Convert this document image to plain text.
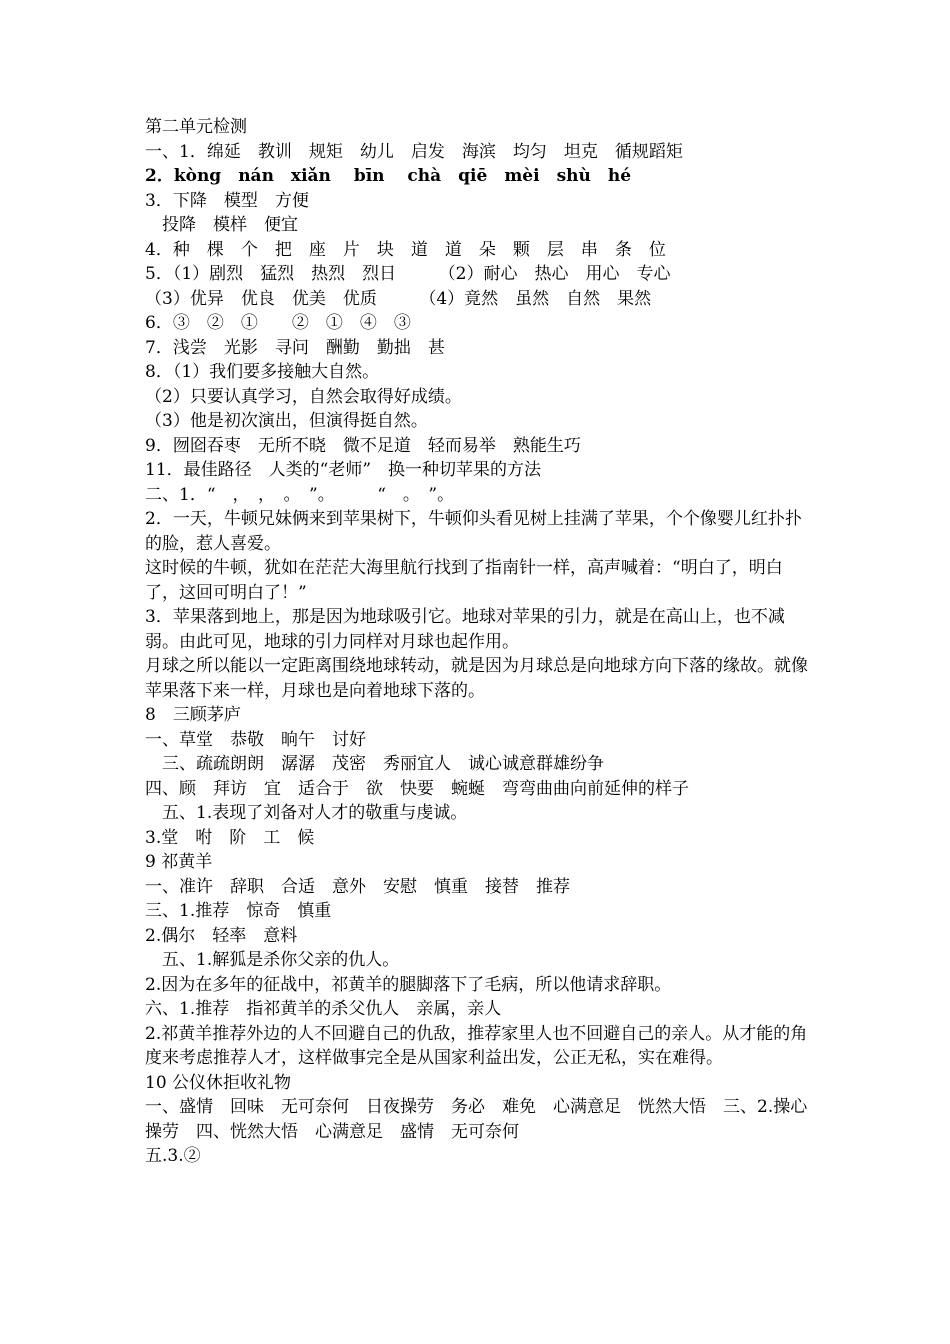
第二单元检测

一、1．绵延　教训　规矩　幼儿　启发　海滨　均匀　坦克　循规蹈矩

2．kòng　nán　xiǎn　 bīn　 chà　qiē　mèi　shù　hé

3．下降　模型　方便

　投降　模样　便宜

4．种　棵　个　把　座　片　块　道　道　朵　颗　层　串　条　位

5．（1）剧烈　猛烈　热烈　烈日　　　（2）耐心　热心　用心　专心

（3）优异　优良　优美　优质　　　（4）竟然　虽然　自然　果然

6．③　②　①　　②　①　④　③

7．浅尝　光影　寻问　酬勤　勤拙　甚

8．（1）我们要多接触大自然。

（2）只要认真学习，自然会取得好成绩。

（3）他是初次演出，但演得挺自然。

9．囫囵吞枣　无所不晓　微不足道　轻而易举　熟能生巧

11．最佳路径　人类的“老师”　换一种切苹果的方法

二、1．“　，　，　。　”。　　　“　。　”。

2．一天，牛顿兄妹俩来到苹果树下，牛顿仰头看见树上挂满了苹果，个个像婴儿红扑扑的脸，惹人喜爱。

这时候的牛顿，犹如在茫茫大海里航行找到了指南针一样，高声喊着：“明白了，明白了，这回可明白了！”

3．苹果落到地上，那是因为地球吸引它。地球对苹果的引力，就是在高山上，也不减弱。由此可见，地球的引力同样对月球也起作用。

月球之所以能以一定距离围绕地球转动，就是因为月球总是向地球方向下落的缘故。就像苹果落下来一样，月球也是向着地球下落的。

8　三顾茅庐

一、草堂　恭敬　晌午　讨好

　三、疏疏朗朗　潺潺　茂密　秀丽宜人　诚心诚意群雄纷争

四、顾　拜访　宜　适合于　欲　快要　蜿蜒　弯弯曲曲向前延伸的样子

　五、1.表现了刘备对人才的敬重与虔诚。

3.堂　咐　阶　工　候

9 祁黄羊

一、准许　辞职　合适　意外　安慰　慎重　接替　推荐

三、1.推荐　惊奇　慎重

2.偶尔　轻率　意料

　五、1.解狐是杀你父亲的仇人。

2.因为在多年的征战中，祁黄羊的腿脚落下了毛病，所以他请求辞职。

六、1.推荐　指祁黄羊的杀父仇人　亲属，亲人

2.祁黄羊推荐外边的人不回避自己的仇敌，推荐家里人也不回避自己的亲人。从才能的角度来考虑推荐人才，这样做事完全是从国家利益出发，公正无私，实在难得。

10 公仪休拒收礼物

一、盛情　回味　无可奈何　日夜操劳　务必　难免　心满意足　恍然大悟　三、2.操心　操劳　四、恍然大悟　心满意足　盛情　无可奈何

五.3.②
